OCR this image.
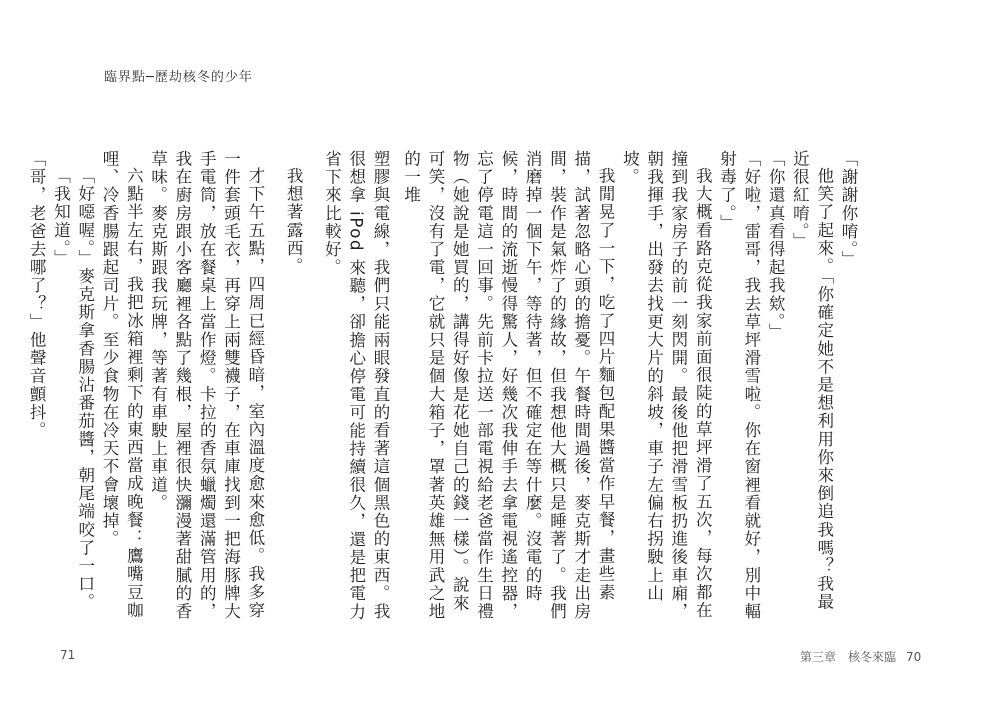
臨界點─歷劫核冬的少年

塑膠與電線，我們只能兩眼發直的看著這個黑色的東西。我很想拿 iPod 來聽，卻擔心停電可能持續很久，還是把電力省下來比較好。

我想著露西。

才下午五點，四周已經昏暗，室內溫度愈來愈低。我多穿一件套頭毛衣，再穿上兩雙襪子，在車庫找到一把海豚牌大手電筒，放在餐桌上當作燈。卡拉的香氛蠟燭還滿管用的，我在廚房跟小客廳裡各點了幾根，屋裡很快瀰漫著甜膩的香草味。麥克斯跟我玩牌，等著有車駛上車道。

六點半左右，我把冰箱裡剩下的東西當成晚餐：鷹嘴豆咖哩、冷香腸跟起司片。至少食物在冷天不會壞掉。

「好噁喔。」麥克斯拿香腸沾番茄醬，朝尾端咬了一口。

「我知道。」

「哥，老爸去哪了？」他聲音顫抖。

71

「謝謝你唷。」

他笑了起來。「你確定她不是想利用你來倒追我嗎？我最近很紅唷。」

「你還真看得起我欸。」

「好啦，雷哥，我去草坪滑雪啦。你在窗裡看就好，別中輻射毒了。」

我大概看路克從我家前面很陡的草坪滑了五次，每次都在撞到我家房子的前一刻閃開。最後他把滑雪板扔進後車廂，朝我揮手，出發去找更大片的斜坡，車子左偏右拐駛上山坡。

我閒晃了一下，吃了四片麵包配果醬當作早餐，畫些素描，試著忽略心頭的擔憂。午餐時間過後，麥克斯才走出房間，裝作是氣炸了的緣故，但我想他大概只是睡著了。我們消磨掉一個下午，等待著，但不確定在等什麼。沒電的時候，時間的流逝慢得驚人，好幾次我伸手去拿電視遙控器，忘了停電這一回事。先前卡拉送一部電視給老爸當作生日禮物（她說是她買的，講得好像是花她自己的錢一樣）。說來可笑，沒有了電，它就只是個大箱子，罩著英雄無用武之地的一堆

第三章　核冬來臨 70
